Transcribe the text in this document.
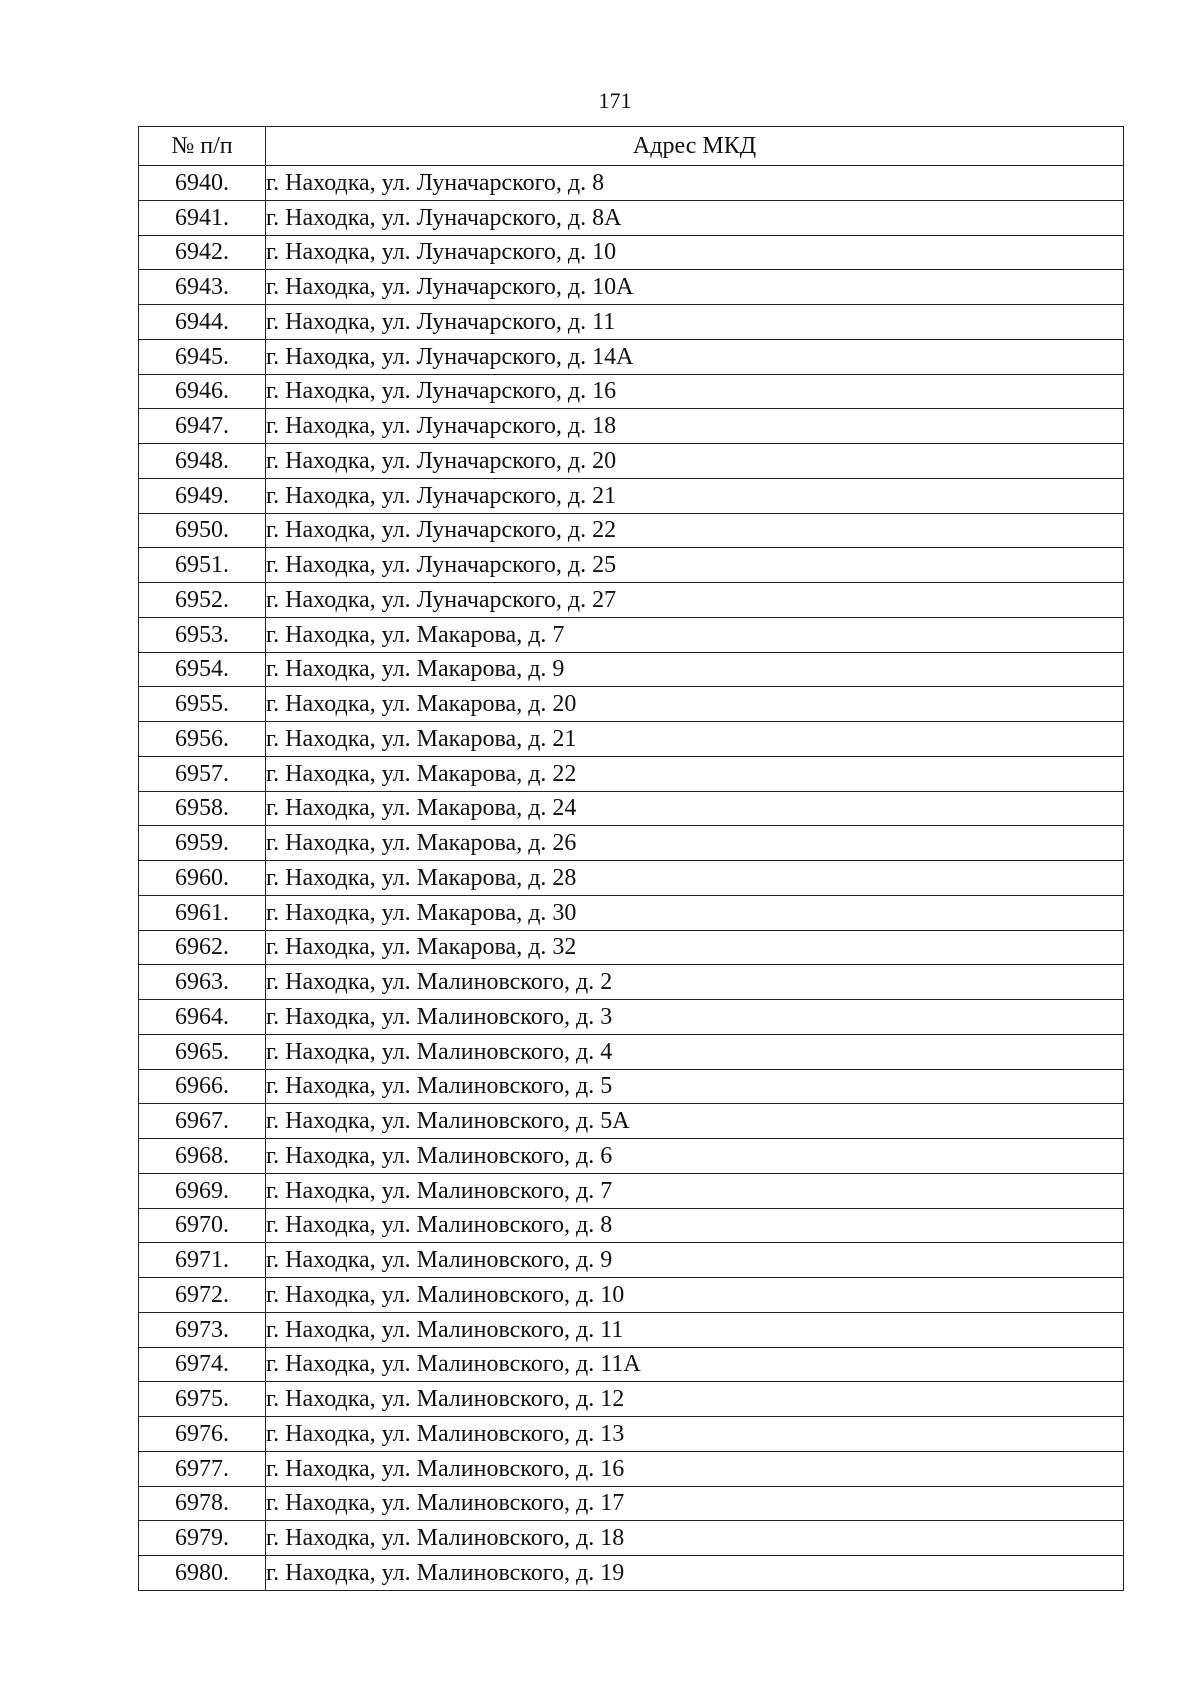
171
№ п/п	Адрес МКД
6940.	г. Находка, ул. Луначарского, д. 8
6941.	г. Находка, ул. Луначарского, д. 8А
6942.	г. Находка, ул. Луначарского, д. 10
6943.	г. Находка, ул. Луначарского, д. 10А
6944.	г. Находка, ул. Луначарского, д. 11
6945.	г. Находка, ул. Луначарского, д. 14А
6946.	г. Находка, ул. Луначарского, д. 16
6947.	г. Находка, ул. Луначарского, д. 18
6948.	г. Находка, ул. Луначарского, д. 20
6949.	г. Находка, ул. Луначарского, д. 21
6950.	г. Находка, ул. Луначарского, д. 22
6951.	г. Находка, ул. Луначарского, д. 25
6952.	г. Находка, ул. Луначарского, д. 27
6953.	г. Находка, ул. Макарова, д. 7
6954.	г. Находка, ул. Макарова, д. 9
6955.	г. Находка, ул. Макарова, д. 20
6956.	г. Находка, ул. Макарова, д. 21
6957.	г. Находка, ул. Макарова, д. 22
6958.	г. Находка, ул. Макарова, д. 24
6959.	г. Находка, ул. Макарова, д. 26
6960.	г. Находка, ул. Макарова, д. 28
6961.	г. Находка, ул. Макарова, д. 30
6962.	г. Находка, ул. Макарова, д. 32
6963.	г. Находка, ул. Малиновского, д. 2
6964.	г. Находка, ул. Малиновского, д. 3
6965.	г. Находка, ул. Малиновского, д. 4
6966.	г. Находка, ул. Малиновского, д. 5
6967.	г. Находка, ул. Малиновского, д. 5А
6968.	г. Находка, ул. Малиновского, д. 6
6969.	г. Находка, ул. Малиновского, д. 7
6970.	г. Находка, ул. Малиновского, д. 8
6971.	г. Находка, ул. Малиновского, д. 9
6972.	г. Находка, ул. Малиновского, д. 10
6973.	г. Находка, ул. Малиновского, д. 11
6974.	г. Находка, ул. Малиновского, д. 11А
6975.	г. Находка, ул. Малиновского, д. 12
6976.	г. Находка, ул. Малиновского, д. 13
6977.	г. Находка, ул. Малиновского, д. 16
6978.	г. Находка, ул. Малиновского, д. 17
6979.	г. Находка, ул. Малиновского, д. 18
6980.	г. Находка, ул. Малиновского, д. 19
